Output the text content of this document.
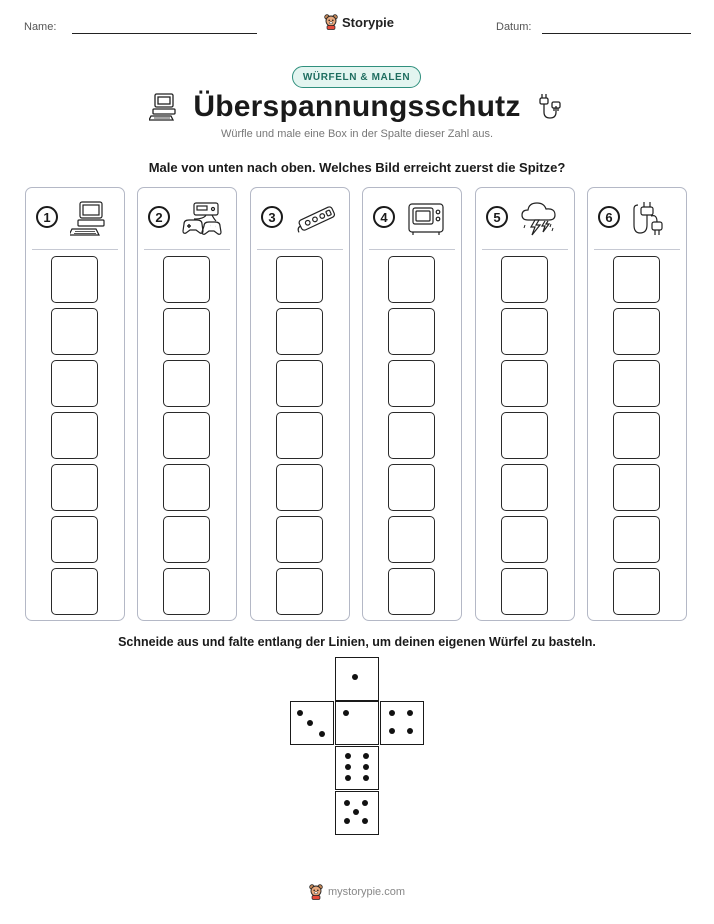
Name:	Storypie	Datum:
WÜRFELN & MALEN
Überspannungsschutz
Würfle und male eine Box in der Spalte dieser Zahl aus.
Male von unten nach oben. Welches Bild erreicht zuerst die Spitze?
1	2	3	4	5	6
Schneide aus und falte entlang der Linien, um deinen eigenen Würfel zu basteln.
mystorypie.com
